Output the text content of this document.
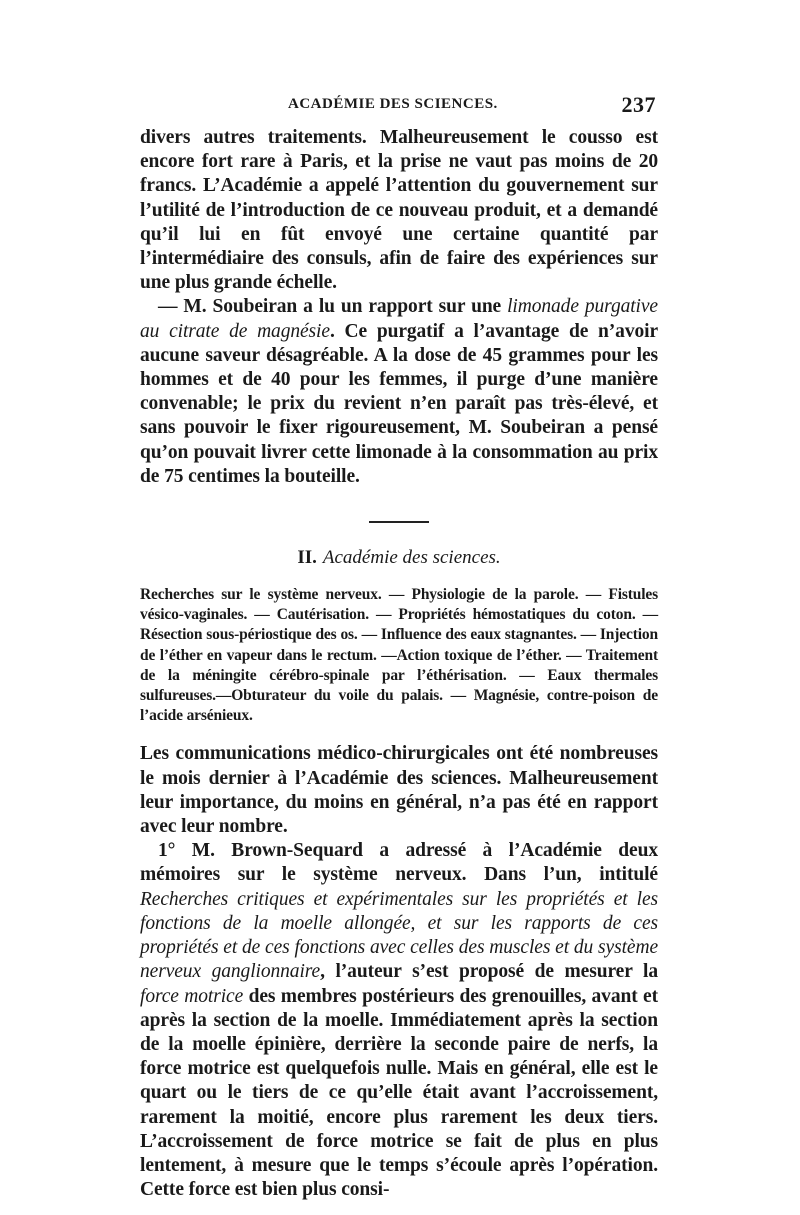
ACADÉMIE DES SCIENCES.	237

divers autres traitements. Malheureusement le cousso est encore fort rare à Paris, et la prise ne vaut pas moins de 20 francs. L’Académie a appelé l’attention du gouvernement sur l’utilité de l’introduction de ce nouveau produit, et a demandé qu’il lui en fût envoyé une certaine quantité par l’intermédiaire des consuls, afin de faire des expériences sur une plus grande échelle.

— M. Soubeiran a lu un rapport sur une limonade purgative au citrate de magnésie. Ce purgatif a l’avantage de n’avoir aucune saveur désagréable. A la dose de 45 grammes pour les hommes et de 40 pour les femmes, il purge d’une manière convenable; le prix du revient n’en paraît pas très-élevé, et sans pouvoir le fixer rigoureusement, M. Soubeiran a pensé qu’on pouvait livrer cette limonade à la consommation au prix de 75 centimes la bouteille.

II. Académie des sciences.

Recherches sur le système nerveux. — Physiologie de la parole. — Fistules vésico-vaginales. — Cautérisation. — Propriétés hémostatiques du coton. —Résection sous-périostique des os. — Influence des eaux stagnantes. — Injection de l’éther en vapeur dans le rectum. —Action toxique de l’éther. — Traitement de la méningite cérébro-spinale par l’éthérisation. — Eaux thermales sulfureuses.—Obturateur du voile du palais. — Magnésie, contre-poison de l’acide arsénieux.

Les communications médico-chirurgicales ont été nombreuses le mois dernier à l’Académie des sciences. Malheureusement leur importance, du moins en général, n’a pas été en rapport avec leur nombre.

1° M. Brown-Sequard a adressé à l’Académie deux mémoires sur le système nerveux. Dans l’un, intitulé Recherches critiques et expérimentales sur les propriétés et les fonctions de la moelle allongée, et sur les rapports de ces propriétés et de ces fonctions avec celles des muscles et du système nerveux ganglionnaire, l’auteur s’est proposé de mesurer la force motrice des membres postérieurs des grenouilles, avant et après la section de la moelle. Immédiatement après la section de la moelle épinière, derrière la seconde paire de nerfs, la force motrice est quelquefois nulle. Mais en général, elle est le quart ou le tiers de ce qu’elle était avant l’accroissement, rarement la moitié, encore plus rarement les deux tiers. L’accroissement de force motrice se fait de plus en plus lentement, à mesure que le temps s’écoule après l’opération. Cette force est bien plus consi-
